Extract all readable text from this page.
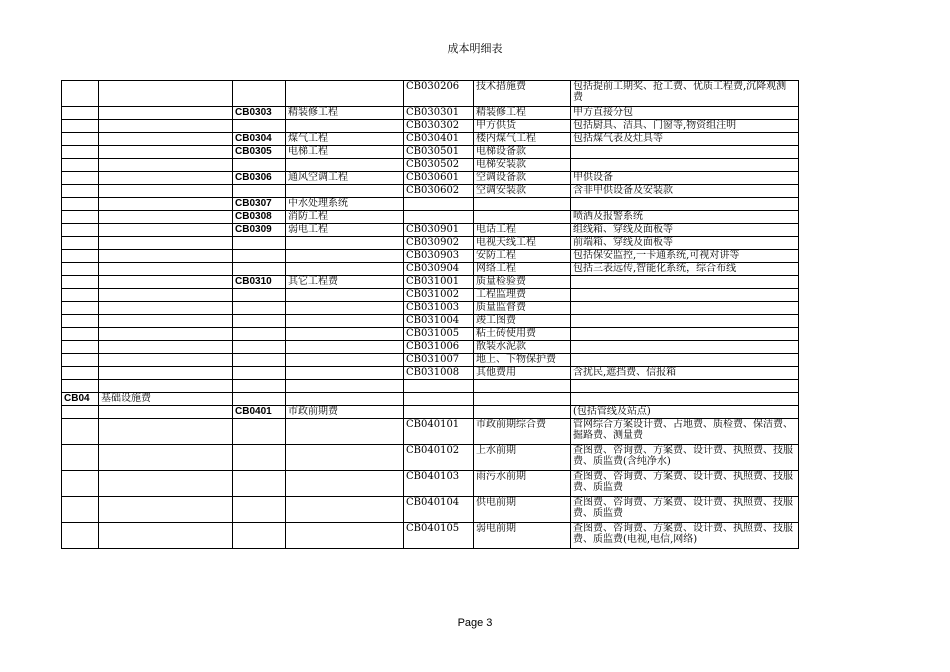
成本明细表
				CB030206	技术措施费	包括提前工期奖、抢工费、优质工程费,沉降观测费
		CB0303	精装修工程	CB030301	精装修工程	甲方直接分包
				CB030302	甲方供货	包括厨具、洁具、门窗等,物资组注明
		CB0304	煤气工程	CB030401	楼内煤气工程	包括煤气表及灶具等
		CB0305	电梯工程	CB030501	电梯设备款	
				CB030502	电梯安装款	
		CB0306	通风空调工程	CB030601	空调设备款	甲供设备
				CB030602	空调安装款	含非甲供设备及安装款
		CB0307	中水处理系统			
		CB0308	消防工程			喷洒及报警系统
		CB0309	弱电工程	CB030901	电话工程	组线箱、穿线及面板等
				CB030902	电视天线工程	前端箱、穿线及面板等
				CB030903	安防工程	包括保安监控,一卡通系统,可视对讲等
				CB030904	网络工程	包括三表远传,智能化系统，综合布线
		CB0310	其它工程费	CB031001	质量检验费	
				CB031002	工程监理费	
				CB031003	质量监督费	
				CB031004	竣工图费	
				CB031005	粘土砖使用费	
				CB031006	散装水泥款	
				CB031007	地上、下物保护费	
				CB031008	其他费用	含扰民,遮挡费、信报箱

CB04	基础设施费					
		CB0401	市政前期费			(包括管线及站点)
				CB040101	市政前期综合费	管网综合方案设计费、占地费、质检费、保洁费、掘路费、测量费
				CB040102	上水前期	查图费、咨询费、方案费、设计费、执照费、技服费、质监费(含纯净水)
				CB040103	雨污水前期	查图费、咨询费、方案费、设计费、执照费、技服费、质监费
				CB040104	供电前期	查图费、咨询费、方案费、设计费、执照费、技服费、质监费
				CB040105	弱电前期	查图费、咨询费、方案费、设计费、执照费、技服费、质监费(电视,电信,网络)
Page 3
